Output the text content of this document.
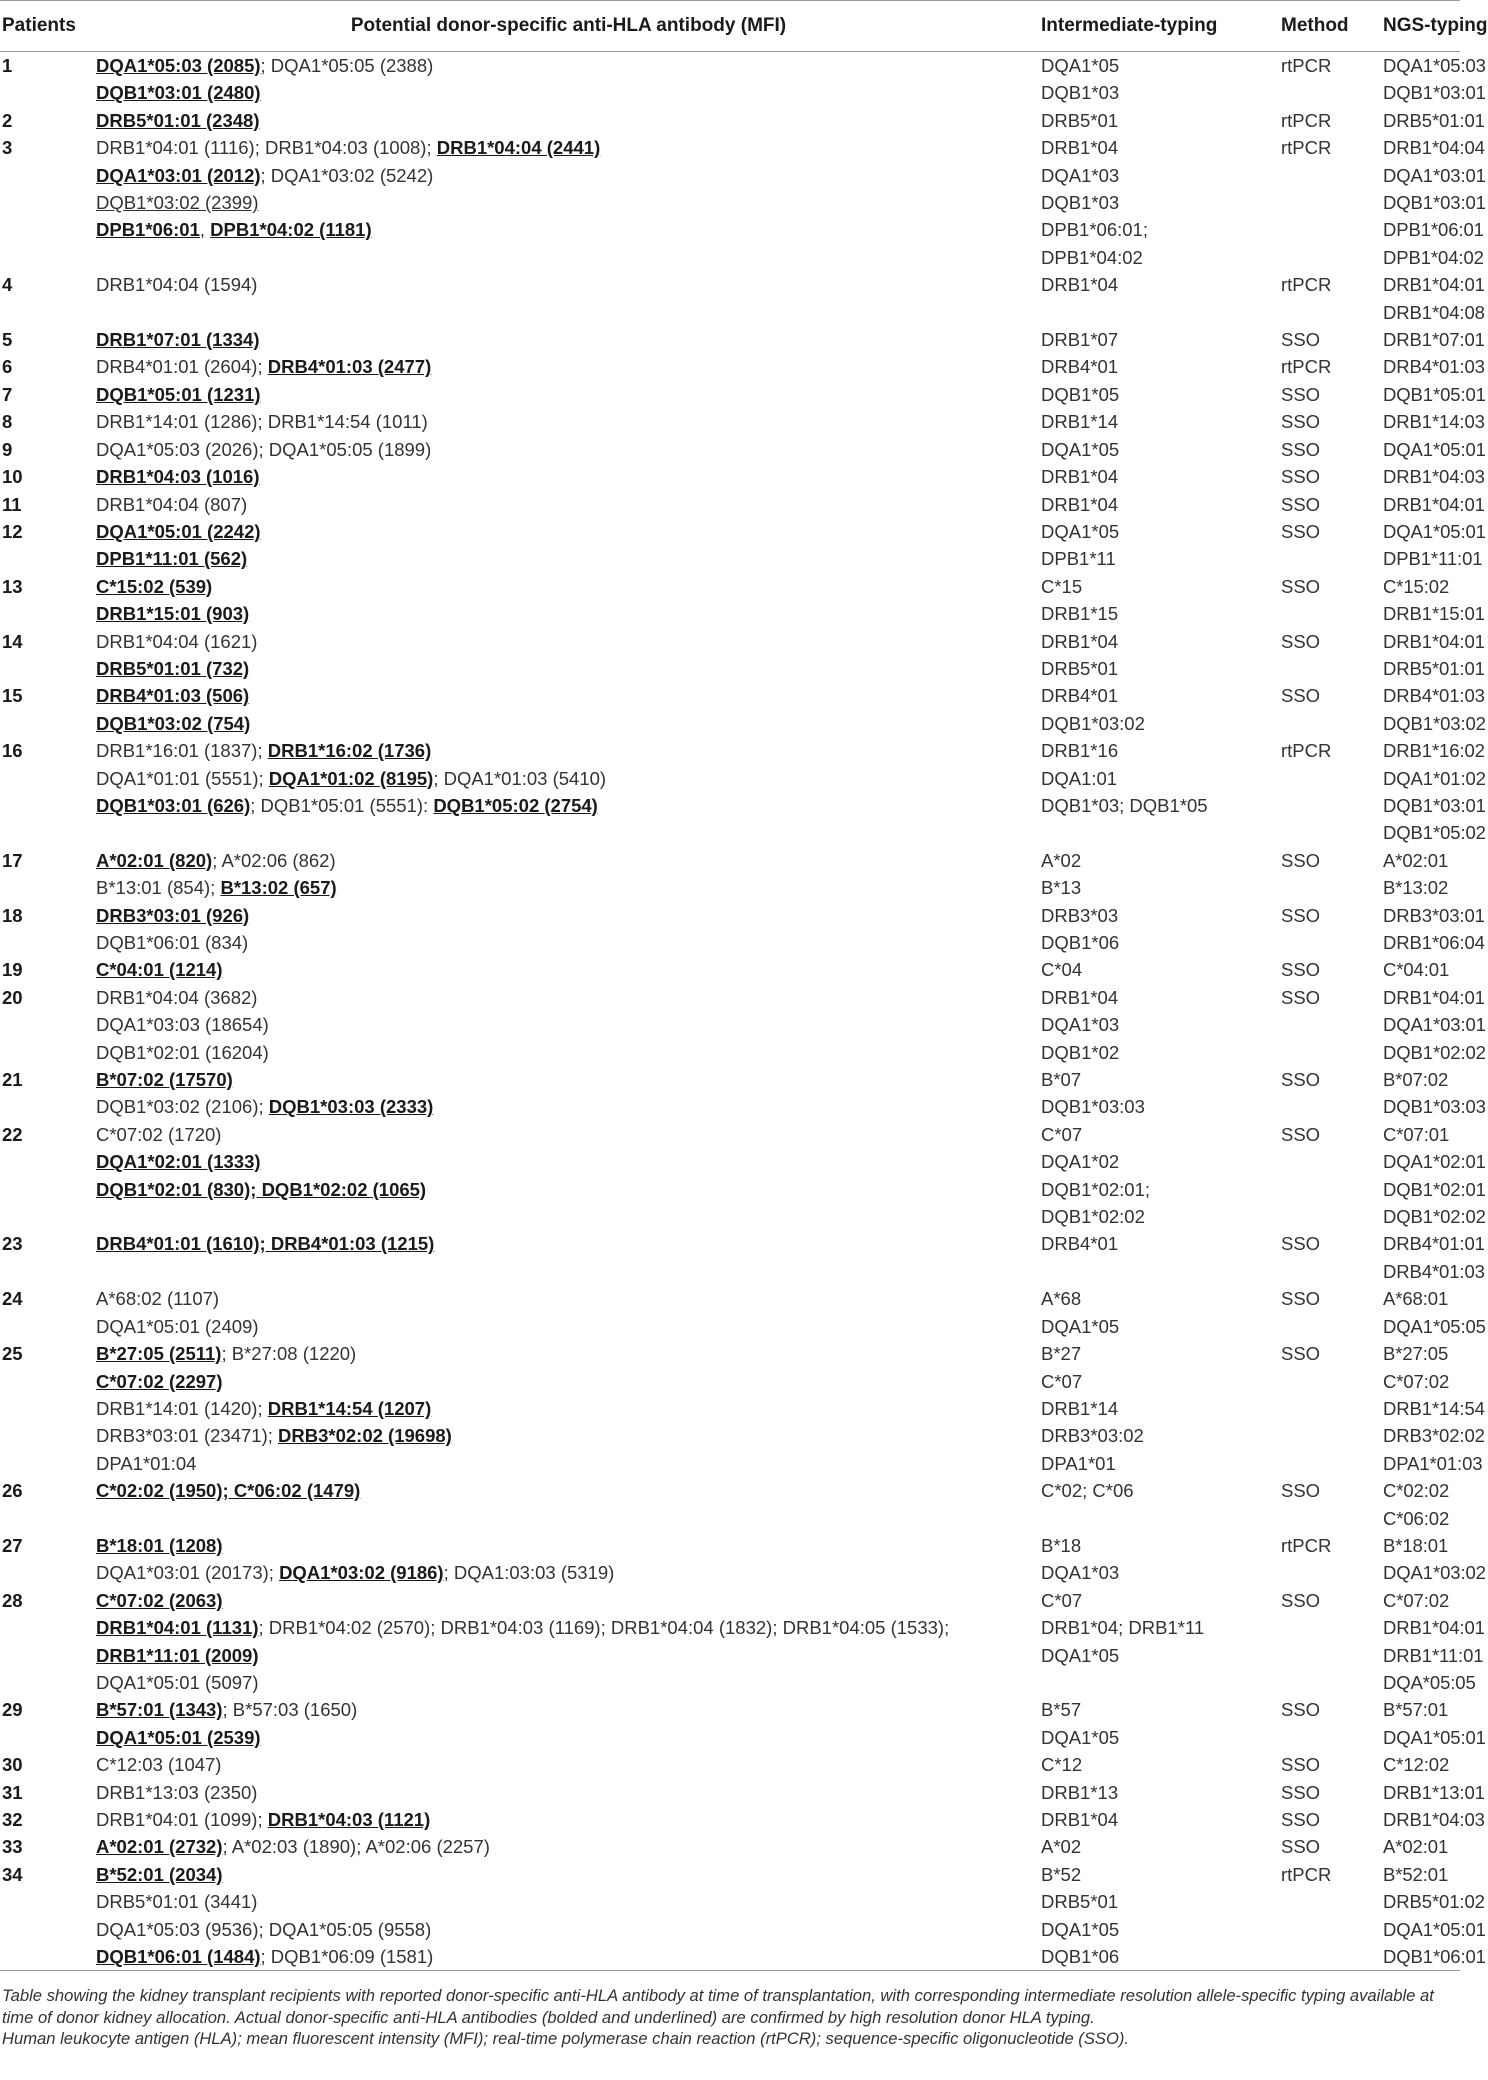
Patients	Potential donor-specific anti-HLA antibody (MFI)	Intermediate-typing	Method	NGS-typing
1	DQA1*05:03 (2085); DQA1*05:05 (2388)	DQA1*05	rtPCR	DQA1*05:03
	DQB1*03:01 (2480)	DQB1*03		DQB1*03:01
2	DRB5*01:01 (2348)	DRB5*01	rtPCR	DRB5*01:01
3	DRB1*04:01 (1116); DRB1*04:03 (1008); DRB1*04:04 (2441)	DRB1*04	rtPCR	DRB1*04:04
	DQA1*03:01 (2012); DQA1*03:02 (5242)	DQA1*03		DQA1*03:01
	DQB1*03:02 (2399)	DQB1*03		DQB1*03:01
	DPB1*06:01, DPB1*04:02 (1181)	DPB1*06:01;		DPB1*06:01
		DPB1*04:02		DPB1*04:02
4	DRB1*04:04 (1594)	DRB1*04	rtPCR	DRB1*04:01
				DRB1*04:08
5	DRB1*07:01 (1334)	DRB1*07	SSO	DRB1*07:01
6	DRB4*01:01 (2604); DRB4*01:03 (2477)	DRB4*01	rtPCR	DRB4*01:03
7	DQB1*05:01 (1231)	DQB1*05	SSO	DQB1*05:01
8	DRB1*14:01 (1286); DRB1*14:54 (1011)	DRB1*14	SSO	DRB1*14:03
9	DQA1*05:03 (2026); DQA1*05:05 (1899)	DQA1*05	SSO	DQA1*05:01
10	DRB1*04:03 (1016)	DRB1*04	SSO	DRB1*04:03
11	DRB1*04:04 (807)	DRB1*04	SSO	DRB1*04:01
12	DQA1*05:01 (2242)	DQA1*05	SSO	DQA1*05:01
	DPB1*11:01 (562)	DPB1*11		DPB1*11:01
13	C*15:02 (539)	C*15	SSO	C*15:02
	DRB1*15:01 (903)	DRB1*15		DRB1*15:01
14	DRB1*04:04 (1621)	DRB1*04	SSO	DRB1*04:01
	DRB5*01:01 (732)	DRB5*01		DRB5*01:01
15	DRB4*01:03 (506)	DRB4*01	SSO	DRB4*01:03
	DQB1*03:02 (754)	DQB1*03:02		DQB1*03:02
16	DRB1*16:01 (1837); DRB1*16:02 (1736)	DRB1*16	rtPCR	DRB1*16:02
	DQA1*01:01 (5551); DQA1*01:02 (8195); DQA1*01:03 (5410)	DQA1:01		DQA1*01:02
	DQB1*03:01 (626); DQB1*05:01 (5551): DQB1*05:02 (2754)	DQB1*03; DQB1*05		DQB1*03:01
				DQB1*05:02
17	A*02:01 (820); A*02:06 (862)	A*02	SSO	A*02:01
	B*13:01 (854); B*13:02 (657)	B*13		B*13:02
18	DRB3*03:01 (926)	DRB3*03	SSO	DRB3*03:01
	DQB1*06:01 (834)	DQB1*06		DRB1*06:04
19	C*04:01 (1214)	C*04	SSO	C*04:01
20	DRB1*04:04 (3682)	DRB1*04	SSO	DRB1*04:01
	DQA1*03:03 (18654)	DQA1*03		DQA1*03:01
	DQB1*02:01 (16204)	DQB1*02		DQB1*02:02
21	B*07:02 (17570)	B*07	SSO	B*07:02
	DQB1*03:02 (2106); DQB1*03:03 (2333)	DQB1*03:03		DQB1*03:03
22	C*07:02 (1720)	C*07	SSO	C*07:01
	DQA1*02:01 (1333)	DQA1*02		DQA1*02:01
	DQB1*02:01 (830); DQB1*02:02 (1065)	DQB1*02:01;		DQB1*02:01
		DQB1*02:02		DQB1*02:02
23	DRB4*01:01 (1610); DRB4*01:03 (1215)	DRB4*01	SSO	DRB4*01:01
				DRB4*01:03
24	A*68:02 (1107)	A*68	SSO	A*68:01
	DQA1*05:01 (2409)	DQA1*05		DQA1*05:05
25	B*27:05 (2511); B*27:08 (1220)	B*27	SSO	B*27:05
	C*07:02 (2297)	C*07		C*07:02
	DRB1*14:01 (1420); DRB1*14:54 (1207)	DRB1*14		DRB1*14:54
	DRB3*03:01 (23471); DRB3*02:02 (19698)	DRB3*03:02		DRB3*02:02
	DPA1*01:04	DPA1*01		DPA1*01:03
26	C*02:02 (1950); C*06:02 (1479)	C*02; C*06	SSO	C*02:02
				C*06:02
27	B*18:01 (1208)	B*18	rtPCR	B*18:01
	DQA1*03:01 (20173); DQA1*03:02 (9186); DQA1:03:03 (5319)	DQA1*03		DQA1*03:02
28	C*07:02 (2063)	C*07	SSO	C*07:02
	DRB1*04:01 (1131); DRB1*04:02 (2570); DRB1*04:03 (1169); DRB1*04:04 (1832); DRB1*04:05 (1533);	DRB1*04; DRB1*11		DRB1*04:01
	DRB1*11:01 (2009)	DQA1*05		DRB1*11:01
	DQA1*05:01 (5097)			DQA*05:05
29	B*57:01 (1343); B*57:03 (1650)	B*57	SSO	B*57:01
	DQA1*05:01 (2539)	DQA1*05		DQA1*05:01
30	C*12:03 (1047)	C*12	SSO	C*12:02
31	DRB1*13:03 (2350)	DRB1*13	SSO	DRB1*13:01
32	DRB1*04:01 (1099); DRB1*04:03 (1121)	DRB1*04	SSO	DRB1*04:03
33	A*02:01 (2732); A*02:03 (1890); A*02:06 (2257)	A*02	SSO	A*02:01
34	B*52:01 (2034)	B*52	rtPCR	B*52:01
	DRB5*01:01 (3441)	DRB5*01		DRB5*01:02
	DQA1*05:03 (9536); DQA1*05:05 (9558)	DQA1*05		DQA1*05:01
	DQB1*06:01 (1484); DQB1*06:09 (1581)	DQB1*06		DQB1*06:01

Table showing the kidney transplant recipients with reported donor-specific anti-HLA antibody at time of transplantation, with corresponding intermediate resolution allele-specific typing available at time of donor kidney allocation. Actual donor-specific anti-HLA antibodies (bolded and underlined) are confirmed by high resolution donor HLA typing.

Human leukocyte antigen (HLA); mean fluorescent intensity (MFI); real-time polymerase chain reaction (rtPCR); sequence-specific oligonucleotide (SSO).
